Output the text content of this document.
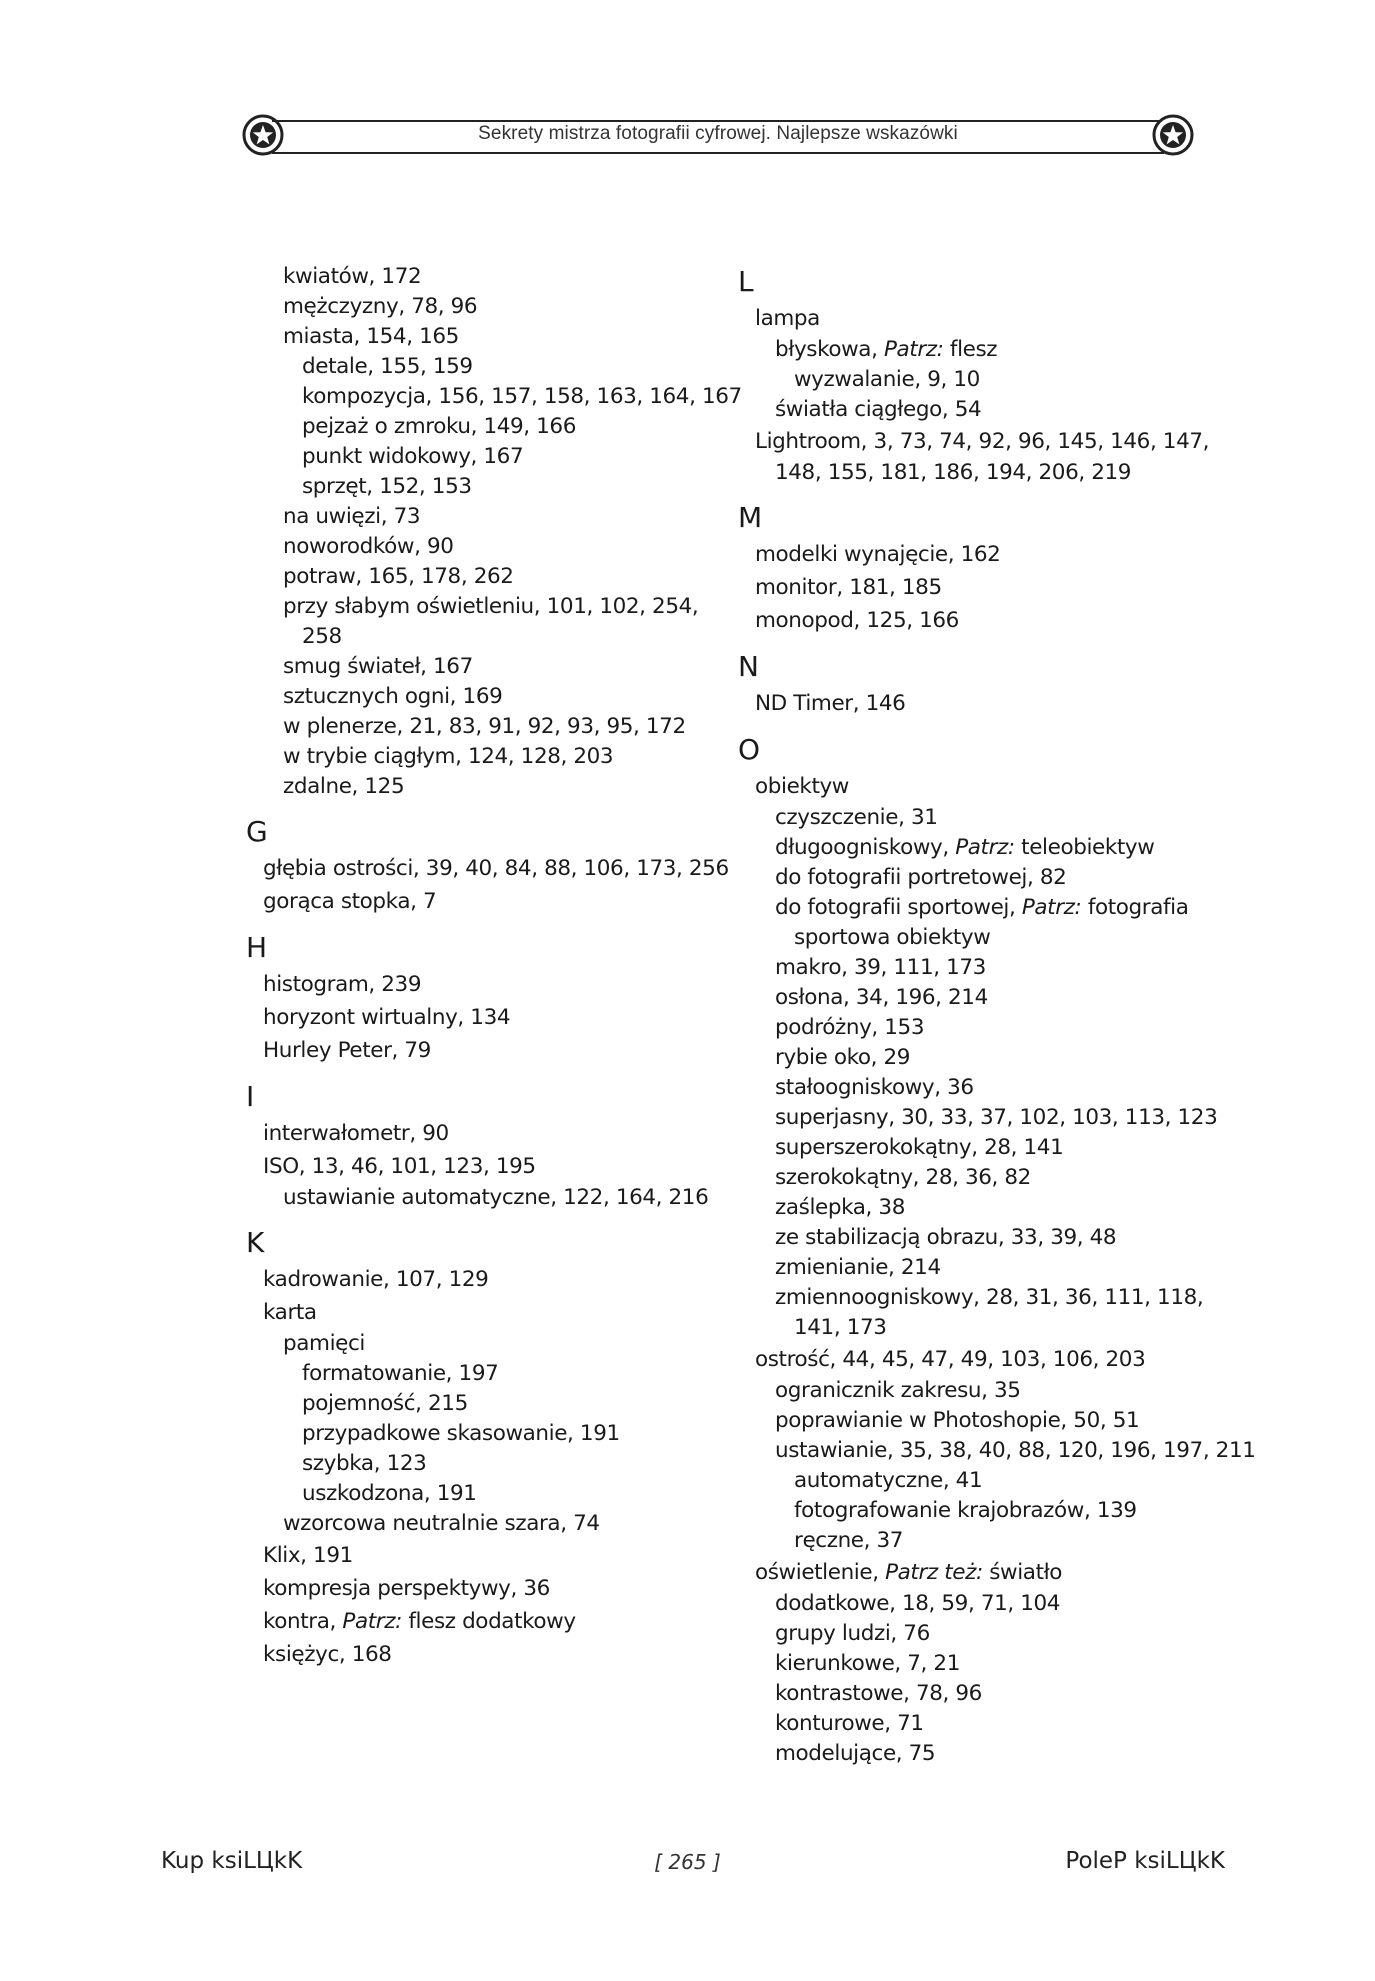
Sekrety mistrza fotografii cyfrowej. Najlepsze wskazówki
kwiatów, 172
mężczyzny, 78, 96
miasta, 154, 165
detale, 155, 159
kompozycja, 156, 157, 158, 163, 164, 167
pejzaż o zmroku, 149, 166
punkt widokowy, 167
sprzęt, 152, 153
na uwięzi, 73
noworodków, 90
potraw, 165, 178, 262
przy słabym oświetleniu, 101, 102, 254,
258
smug świateł, 167
sztucznych ogni, 169
w plenerze, 21, 83, 91, 92, 93, 95, 172
w trybie ciągłym, 124, 128, 203
zdalne, 125
G
głębia ostrości, 39, 40, 84, 88, 106, 173, 256
gorąca stopka, 7
H
histogram, 239
horyzont wirtualny, 134
Hurley Peter, 79
I
interwałometr, 90
ISO, 13, 46, 101, 123, 195
ustawianie automatyczne, 122, 164, 216
K
kadrowanie, 107, 129
karta
pamięci
formatowanie, 197
pojemność, 215
przypadkowe skasowanie, 191
szybka, 123
uszkodzona, 191
wzorcowa neutralnie szara, 74
Klix, 191
kompresja perspektywy, 36
kontra, Patrz: flesz dodatkowy
księżyc, 168
L
lampa
błyskowa, Patrz: flesz
wyzwalanie, 9, 10
światła ciągłego, 54
Lightroom, 3, 73, 74, 92, 96, 145, 146, 147,
148, 155, 181, 186, 194, 206, 219
M
modelki wynajęcie, 162
monitor, 181, 185
monopod, 125, 166
N
ND Timer, 146
O
obiektyw
czyszczenie, 31
długoogniskowy, Patrz: teleobiektyw
do fotografii portretowej, 82
do fotografii sportowej, Patrz: fotografia
sportowa obiektyw
makro, 39, 111, 173
osłona, 34, 196, 214
podróżny, 153
rybie oko, 29
stałoogniskowy, 36
superjasny, 30, 33, 37, 102, 103, 113, 123
superszerokokątny, 28, 141
szerokokątny, 28, 36, 82
zaślepka, 38
ze stabilizacją obrazu, 33, 39, 48
zmienianie, 214
zmiennoogniskowy, 28, 31, 36, 111, 118,
141, 173
ostrość, 44, 45, 47, 49, 103, 106, 203
ogranicznik zakresu, 35
poprawianie w Photoshopie, 50, 51
ustawianie, 35, 38, 40, 88, 120, 196, 197, 211
automatyczne, 41
fotografowanie krajobrazów, 139
ręczne, 37
oświetlenie, Patrz też: światło
dodatkowe, 18, 59, 71, 104
grupy ludzi, 76
kierunkowe, 7, 21
kontrastowe, 78, 96
konturowe, 71
modelujące, 75
[ 265 ]
Kup ksiLЦkK	PoleP ksiLЦkK
